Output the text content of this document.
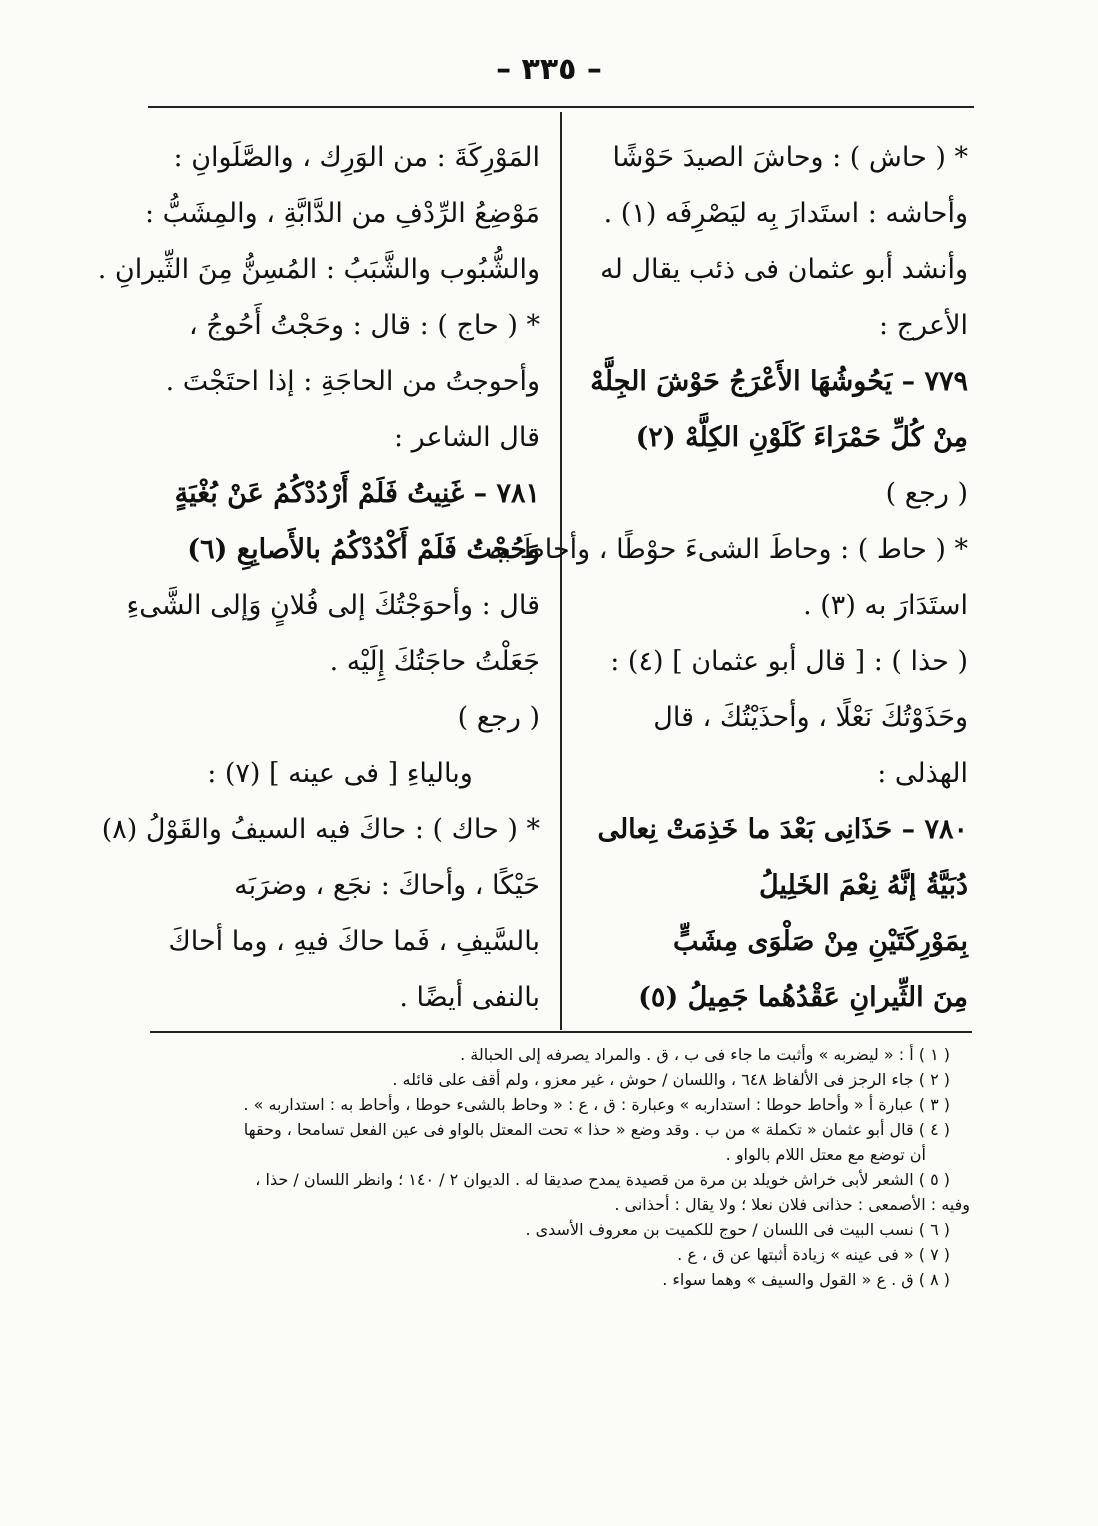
– ٣٣٥ –
* ( حاش ) : وحاشَ الصيدَ حَوْشًا
وأحاشه : استَدارَ بِه ليَصْرِفَه (١) .
وأنشد أبو عثمان فى ذئب يقال له
الأعرج :
٧٧٩ – يَحُوشُهَا الأَعْرَجُ حَوْشَ الجِلَّهْ
مِنْ كُلِّ حَمْرَاءَ كَلَوْنِ الكِلَّهْ (٢)
( رجع )
* ( حاط ) : وحاطَ الشىءَ حوْطًا ، وأحاطَ به :
استَدَارَ به (٣) .
( حذا ) : [ قال أبو عثمان ] (٤) :
وحَذَوْتُكَ نَعْلًا ، وأحذَيْتُكَ ، قال
الهذلى :
٧٨٠ – حَذَانِى بَعْدَ ما خَذِمَتْ نِعالى
دُبَيَّةُ إنَّهُ نِعْمَ الخَلِيلُ
بِمَوْرِكَتَيْنِ مِنْ صَلْوَى مِشَبٍّ
مِنَ الثِّيرانِ عَقْدُهُما جَمِيلُ (٥)
المَوْرِكَةَ : من الوَرِك ، والصَّلَوانِ :
مَوْضِعُ الرِّدْفِ من الدَّابَّةِ ، والمِشَبُّ :
والشُّبُوب والشَّبَبُ : المُسِنُّ مِنَ الثِّيرانِ .
* ( حاج ) : قال : وحَجْتُ أَحُوجُ ،
وأحوجتُ من الحاجَةِ : إذا احتَجْتَ .
قال الشاعر :
٧٨١ – غَنِيتُ فَلَمْ أَرْدُدْكُمُ عَنْ بُغْيَةٍ
وَحُجْتُ فَلَمْ أَكْدُدْكُمُ بالأَصابِعِ (٦)
قال : وأحوَجْتُكَ إلى فُلانٍ وَإلى الشَّىءِ
جَعَلْتُ حاجَتُكَ إِلَيْه .
( رجع )
وبالياءِ [ فى عينه ] (٧) :
* ( حاك ) : حاكَ فيه السيفُ والقَوْلُ (٨)
حَيْكًا ، وأحاكَ : نجَع ، وضرَبَه
بالسَّيفِ ، فَما حاكَ فيهِ ، وما أحاكَ
بالنفى أيضًا .
( ١ ) أ : « ليضربه » وأثبت ما جاء فى ب ، ق . والمراد يصرفه إلى الحبالة .
( ٢ ) جاء الرجز فى الألفاظ ٦٤٨ ، واللسان / حوش ، غير معزو ، ولم أقف على قائله .
( ٣ ) عبارة أ « وأحاط حوطا : استداربه » وعبارة : ق ، ع : « وحاط بالشىء حوطا ، وأحاط به : استداربه » .
( ٤ ) قال أبو عثمان « تكملة » من ب . وقد وضع « حذا » تحت المعتل بالواو فى عين الفعل تسامحا ، وحقها
أن توضع مع معتل اللام بالواو .
( ٥ ) الشعر لأبى خراش خويلد بن مرة من قصيدة يمدح صديقا له . الديوان ٢ / ١٤٠ ؛ وانظر اللسان / حذا ،
وفيه : الأصمعى : حذانى فلان نعلا ؛ ولا يقال : أحذانى .
( ٦ ) نسب البيت فى اللسان / حوج للكميت بن معروف الأسدى .
( ٧ ) « فى عينه » زيادة أثبتها عن ق ، ع .
( ٨ ) ق . ع « القول والسيف » وهما سواء .
